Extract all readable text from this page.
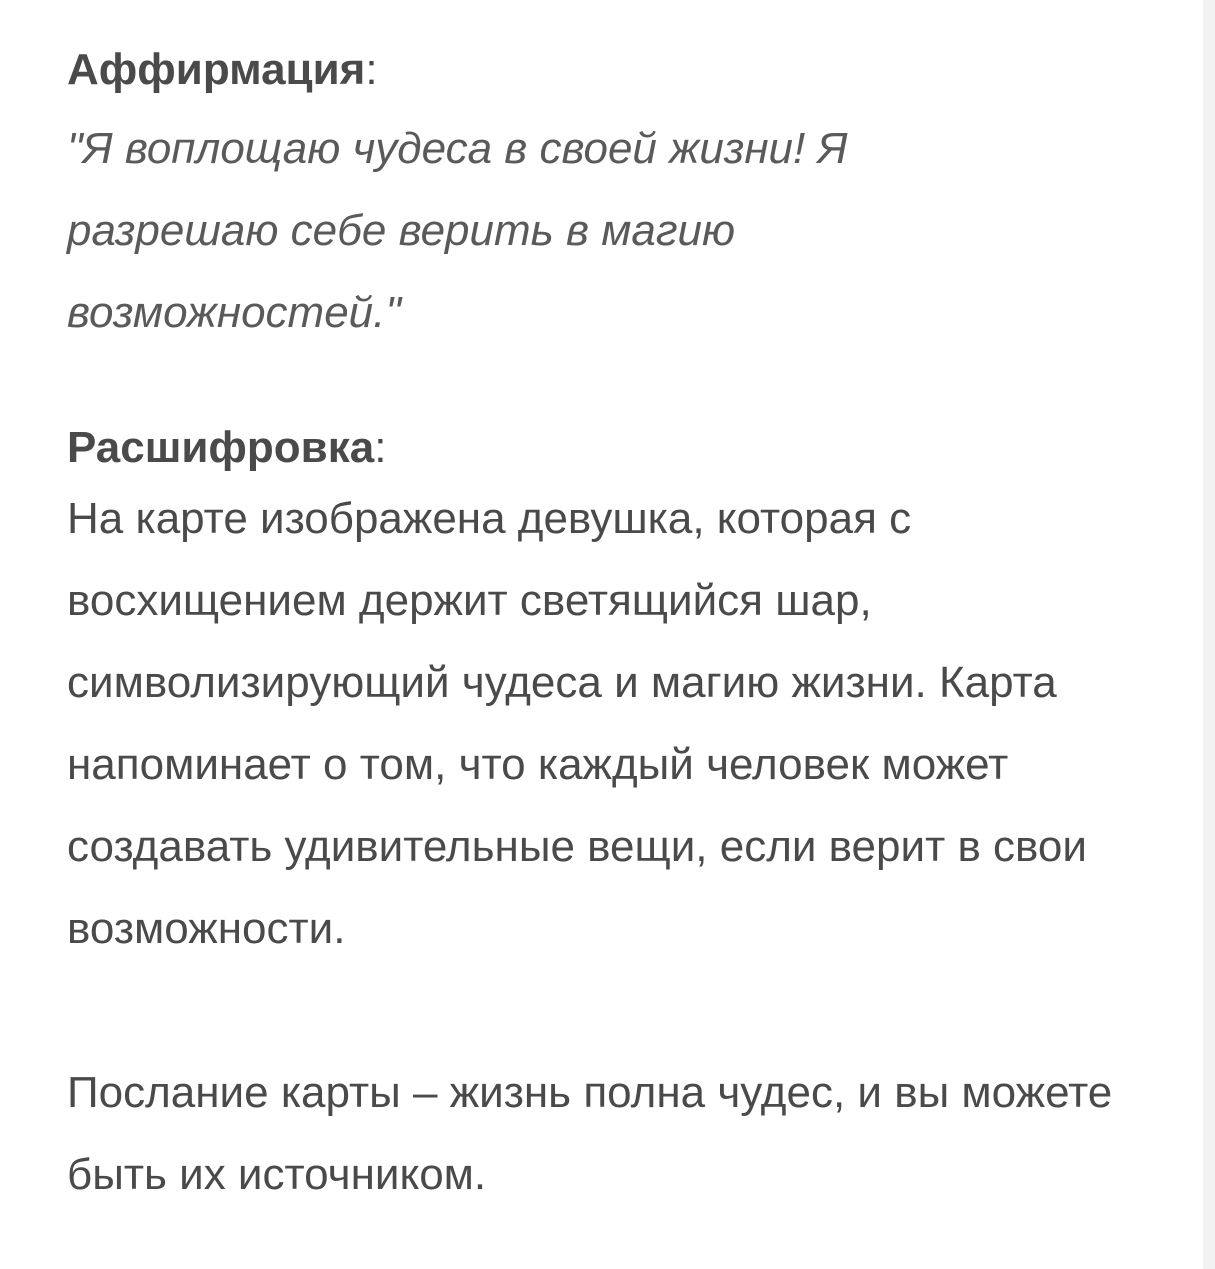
Аффирмация:
"Я воплощаю чудеса в своей жизни! Я разрешаю себе верить в магию возможностей."
Расшифровка:
На карте изображена девушка, которая с восхищением держит светящийся шар, символизирующий чудеса и магию жизни. Карта напоминает о том, что каждый человек может создавать удивительные вещи, если верит в свои возможности.
Послание карты – жизнь полна чудес, и вы можете быть их источником.
